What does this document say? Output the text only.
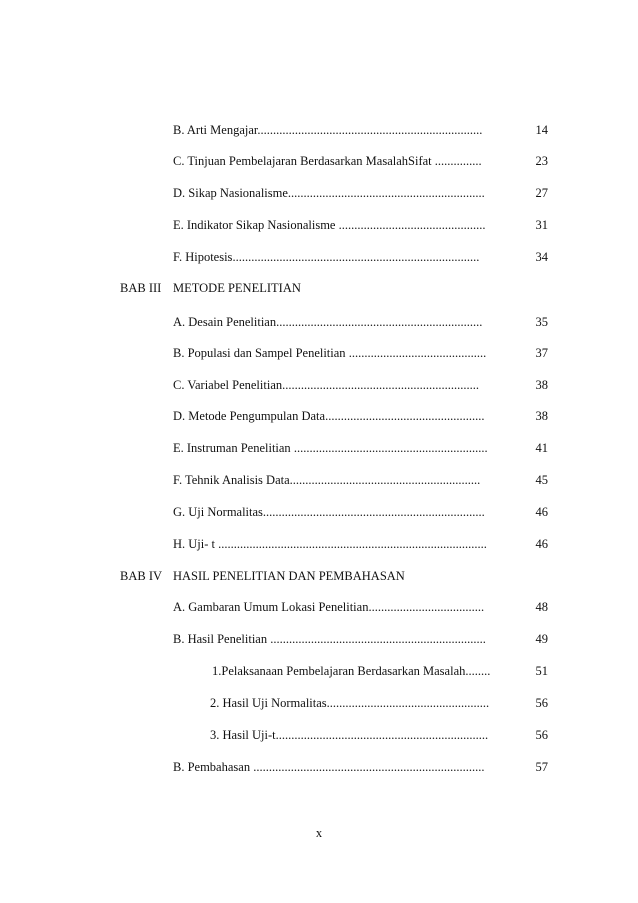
B. Arti Mengajar........................................................................	14
C. Tinjuan Pembelajaran Berdasarkan MasalahSifat ...............	23
D. Sikap Nasionalisme...............................................................	27
E. Indikator Sikap Nasionalisme ...............................................	31
F. Hipotesis...............................................................................	34
BAB III METODE PENELITIAN
A. Desain Penelitian..................................................................	35
B. Populasi dan Sampel Penelitian ............................................	37
C. Variabel Penelitian...............................................................	38
D. Metode Pengumpulan Data...................................................	38
E. Instruman Penelitian ..............................................................	41
F. Tehnik Analisis Data.............................................................	45
G. Uji Normalitas.......................................................................	46
H. Uji- t ......................................................................................	46
BAB IV HASIL PENELITIAN DAN PEMBAHASAN
A. Gambaran Umum Lokasi Penelitian.....................................	48
B. Hasil Penelitian .....................................................................	49
1.Pelaksanaan Pembelajaran Berdasarkan Masalah........	51
2. Hasil Uji Normalitas....................................................	56
3. Hasil Uji-t....................................................................	56
B. Pembahasan ..........................................................................	57
x
